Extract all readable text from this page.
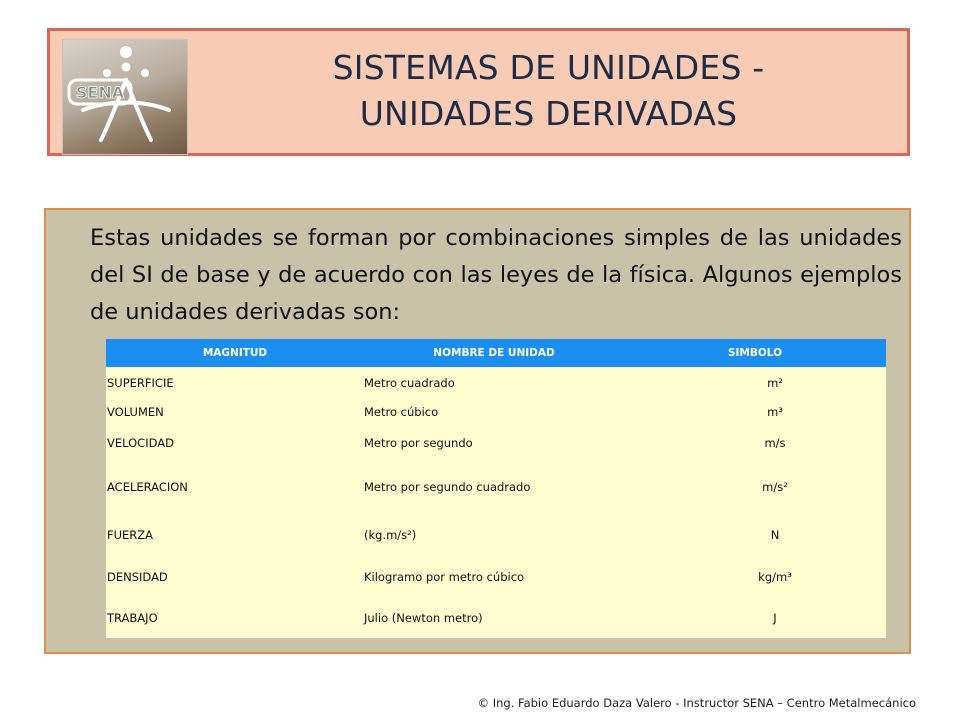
SENA
SISTEMAS DE UNIDADES -
UNIDADES DERIVADAS

Estas unidades se forman por combinaciones simples de las unidades del SI de base y de acuerdo con las leyes de la física. Algunos ejemplos de unidades derivadas son:

MAGNITUD	NOMBRE DE UNIDAD	SIMBOLO
SUPERFICIE	Metro cuadrado	m²
VOLUMEN	Metro cúbico	m³
VELOCIDAD	Metro por segundo	m/s
ACELERACION	Metro por segundo cuadrado	m/s²
FUERZA	(kg.m/s²)	N
DENSIDAD	Kilogramo por metro cúbico	kg/m³
TRABAJO	Julio (Newton metro)	J
© Ing. Fabio Eduardo Daza Valero - Instructor SENA – Centro Metalmecánico
